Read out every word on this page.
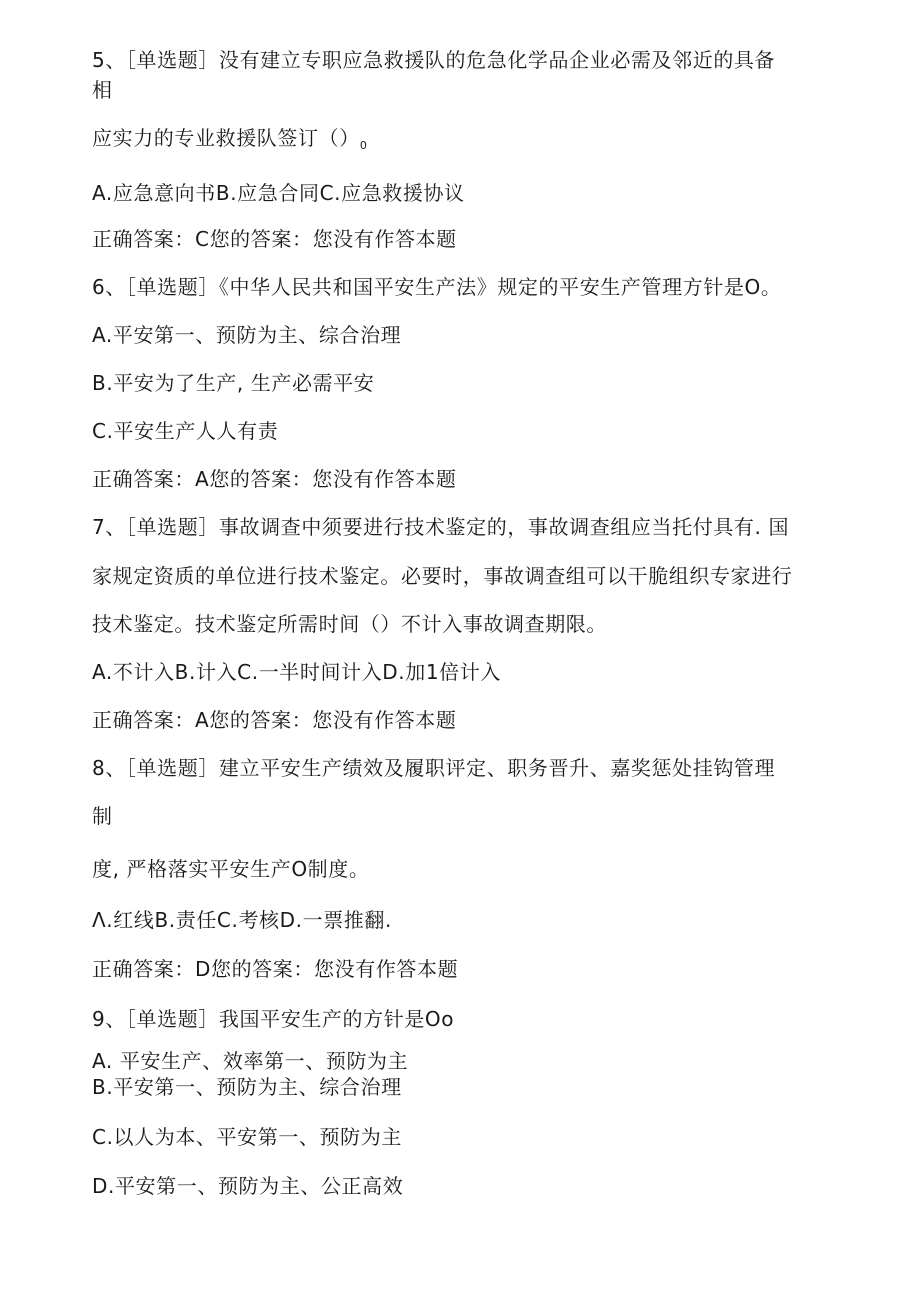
5、［单选题］没有建立专职应急救援队的危急化学品企业必需及邻近的具备

相

应实力的专业救援队签订$()_0$

A.应急意向书B.应急合同C.应急救援协议

正确答案：C您的答案：您没有作答本题

6、［单选题］《中华人民共和国平安生产法》规定的平安生产管理方针是O。

A.平安第一、预防为主、综合治理

B.平安为了生产, 生产必需平安

C.平安生产人人有责

正确答案：A您的答案：您没有作答本题

7、［单选题］事故调查中须要进行技术鉴定的，事故调查组应当托付具有. 国

家规定资质的单位进行技术鉴定。必要时，事故调查组可以干脆组织专家进行

技术鉴定。技术鉴定所需时间（）不计入事故调查期限。

A.不计入B.计入C.一半时间计入D.加1倍计入

正确答案：A您的答案：您没有作答本题

8、［单选题］建立平安生产绩效及履职评定、职务晋升、嘉奖惩处挂钩管理

制

度, 严格落实平安生产O制度。

Λ.红线B.责任C.考核D.一票推翻.

正确答案：D您的答案：您没有作答本题

9、［单选题］我国平安生产的方针是Oo

A. 平安生产、效率第一、预防为主

B.平安第一、预防为主、综合治理

C.以人为本、平安第一、预防为主

D.平安第一、预防为主、公正高效
